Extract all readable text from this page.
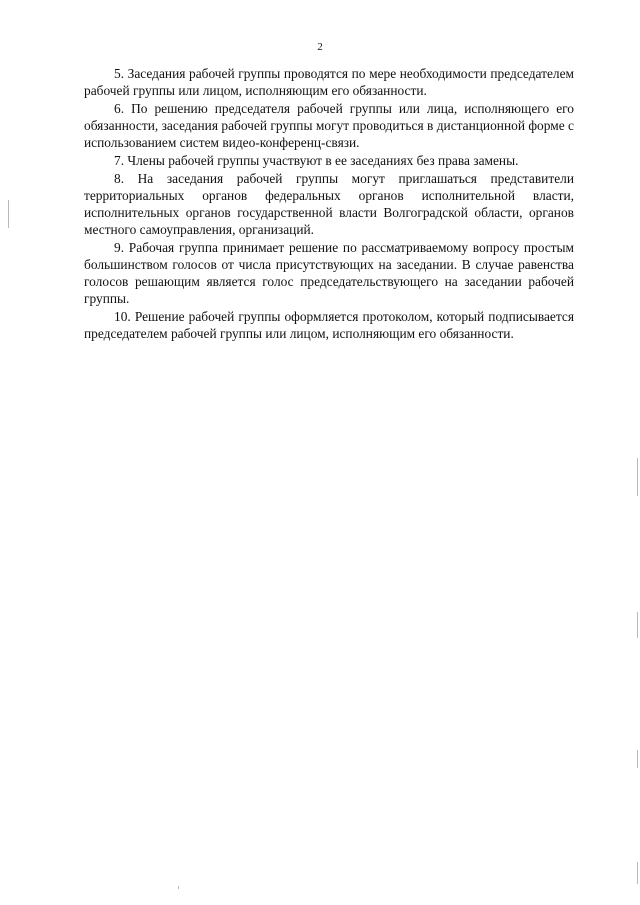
2

5. Заседания рабочей группы проводятся по мере необходимости председателем рабочей группы или лицом, исполняющим его обязанности.

6. По решению председателя рабочей группы или лица, исполняющего его обязанности, заседания рабочей группы могут проводиться в дистанционной форме с использованием систем видео-конференц-связи.

7. Члены рабочей группы участвуют в ее заседаниях без права замены.

8. На заседания рабочей группы могут приглашаться представители территориальных органов федеральных органов исполнительной власти, исполнительных органов государственной власти Волгоградской области, органов местного самоуправления, организаций.

9. Рабочая группа принимает решение по рассматриваемому вопросу простым большинством голосов от числа присутствующих на заседании. В случае равенства голосов решающим является голос председательствующего на заседании рабочей группы.

10. Решение рабочей группы оформляется протоколом, который подписывается председателем рабочей группы или лицом, исполняющим его обязанности.
